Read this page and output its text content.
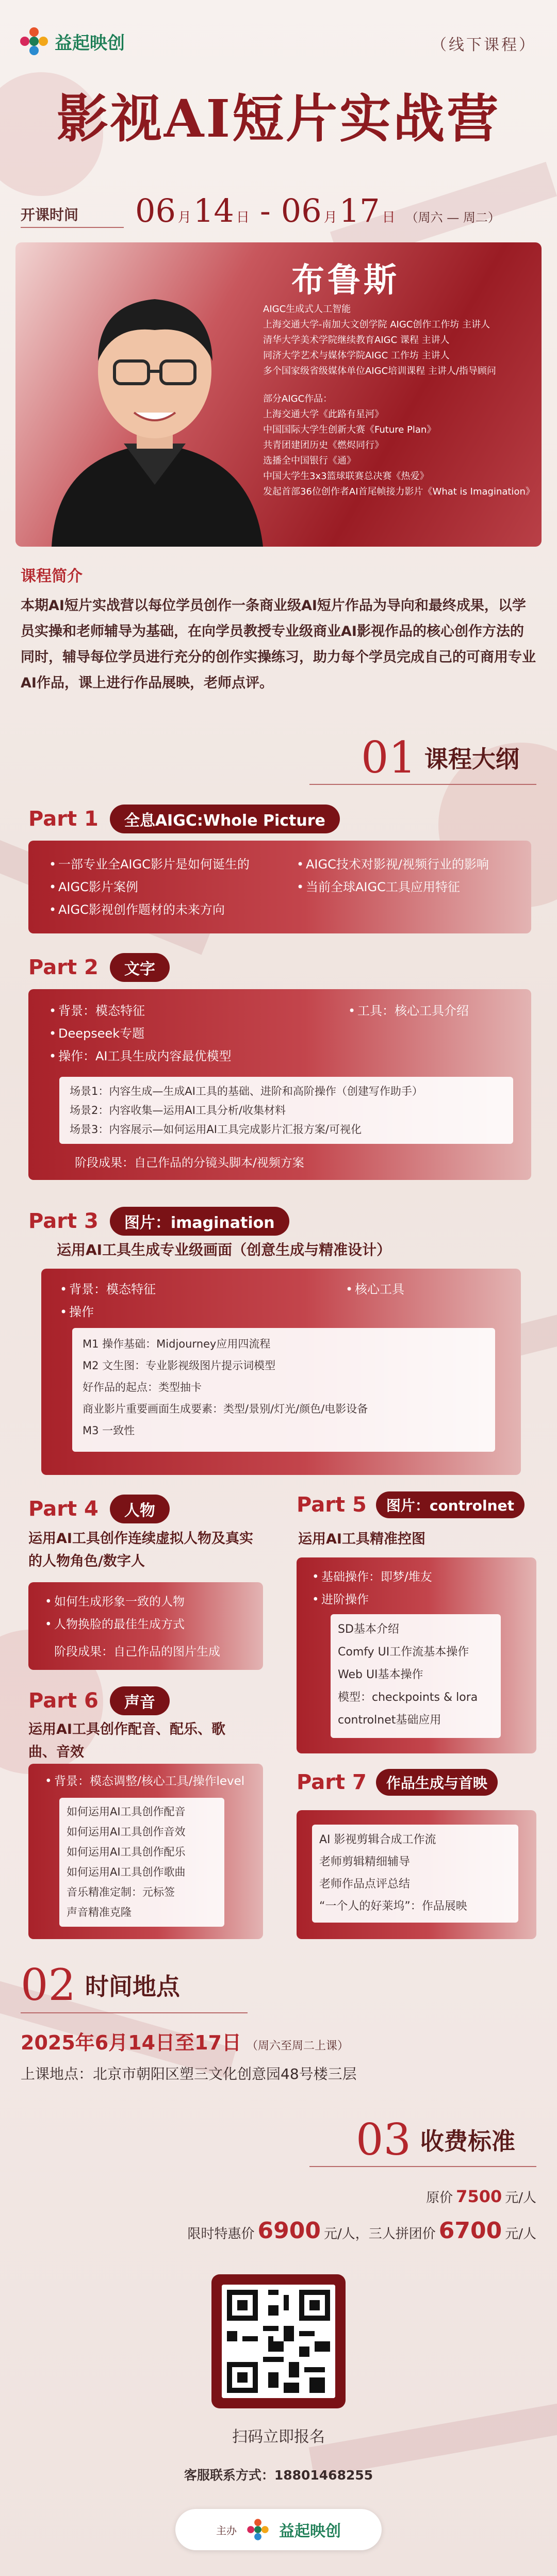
益起映创	（线下课程）
影视AI短片实战营
开课时间 06 月 14 日 - 06 月 17 日 （周六 — 周二）
布鲁斯
AIGC生成式人工智能
上海交通大学-南加大文创学院 AIGC创作工作坊 主讲人
清华大学美术学院继续教育AIGC 课程 主讲人
同济大学艺术与媒体学院AIGC 工作坊 主讲人
多个国家级省级媒体单位AIGC培训课程 主讲人/指导顾问
部分AIGC作品：
上海交通大学《此路有星河》
中国国际大学生创新大赛《Future Plan》
共青团建团历史《燃烬同行》
选播全中国银行《通》
中国大学生3x3篮球联赛总决赛《热爱》
发起首部36位创作者AI首尾帧接力影片《What is Imagination》
课程简介
本期AI短片实战营以每位学员创作一条商业级AI短片作品为导向和最终成果，以学员实操和老师辅导为基础，在向学员教授专业级商业AI影视作品的核心创作方法的同时，辅导每位学员进行充分的创作实操练习，助力每个学员完成自己的可商用专业AI作品，课上进行作品展映，老师点评。
01 课程大纲
Part 1	全息AIGC:Whole Picture
• 一部专业全AIGC影片是如何诞生的
• AIGC影片案例
• AIGC影视创作题材的未来方向
• AIGC技术对影视/视频行业的影响
• 当前全球AIGC工具应用特征
Part 2	文字
• 背景：模态特征
• Deepseek专题
• 操作：AI工具生成内容最优模型
• 工具：核心工具介绍
场景1：内容生成—生成AI工具的基础、进阶和高阶操作（创建写作助手）
场景2：内容收集—运用AI工具分析/收集材料
场景3：内容展示—如何运用AI工具完成影片汇报方案/可视化
阶段成果：自己作品的分镜头脚本/视频方案
Part 3	图片：imagination
运用AI工具生成专业级画面（创意生成与精准设计）
• 背景：模态特征
• 操作
• 核心工具
M1 操作基础：Midjourney应用四流程
M2 文生图：专业影视级图片提示词模型
好作品的起点：类型抽卡
商业影片重要画面生成要素：类型/景别/灯光/颜色/电影设备
M3 一致性
Part 4	人物
运用AI工具创作连续虚拟人物及真实的人物角色/数字人
• 如何生成形象一致的人物
• 人物换脸的最佳生成方式
阶段成果：自己作品的图片生成
Part 5	图片：controlnet
运用AI工具精准控图
• 基础操作：即梦/堆友
• 进阶操作
SD基本介绍
Comfy UI工作流基本操作
Web UI基本操作
模型：checkpoints & lora
controlnet基础应用
Part 6	声音
运用AI工具创作配音、配乐、歌曲、音效
• 背景：模态调整/核心工具/操作level
如何运用AI工具创作配音
如何运用AI工具创作音效
如何运用AI工具创作配乐
如何运用AI工具创作歌曲
音乐精准定制：元标签
声音精准克隆
Part 7	作品生成与首映
AI 影视剪辑合成工作流
老师剪辑精细辅导
老师作品点评总结
“一个人的好莱坞”：作品展映
02 时间地点
2025年6月14日至17日 （周六至周二上课）
上课地点：北京市朝阳区塑三文化创意园48号楼三层
03 收费标准
原价 7500 元/人
限时特惠价 6900 元/人，三人拼团价 6700 元/人
扫码立即报名
客服联系方式：18801468255
主办	益起映创
